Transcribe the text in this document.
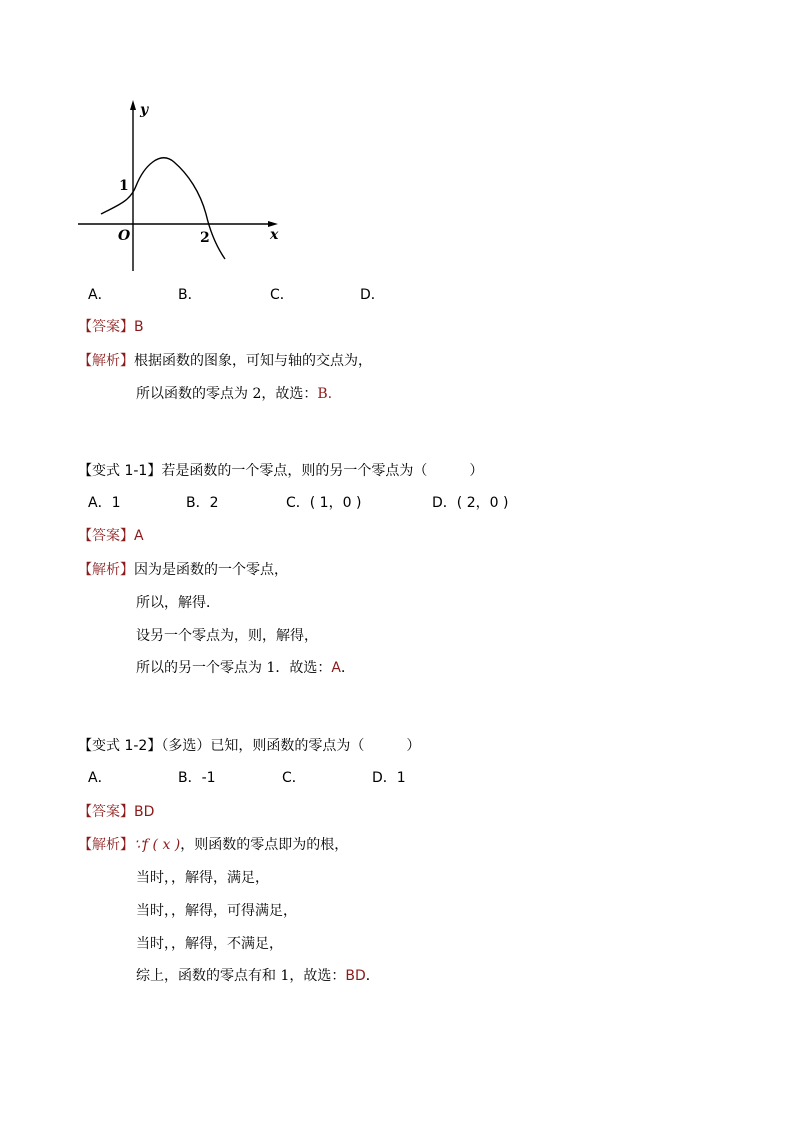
y
x
O
1
2
A．	B．	C．	D．
【答案】B
【解析】根据函数的图象，可知与轴的交点为，
所以函数的零点为 2，故选：B.
【变式 1-1】若是函数的一个零点，则的另一个零点为（　　　）
A．1	B．2	C．( 1，0 )	D．( 2，0 )
【答案】A
【解析】因为是函数的一个零点，
所以，解得．
设另一个零点为，则，解得，
所以的另一个零点为 1．故选：A．
【变式 1-2】（多选）已知，则函数的零点为（　　　）
A．	B．-1	C．	D．1
【答案】BD
【解析】∵f ( x )，则函数的零点即为的根，
当时，，解得，满足，
当时，，解得，可得满足，
当时，，解得，不满足，
综上，函数的零点有和 1，故选：BD．
